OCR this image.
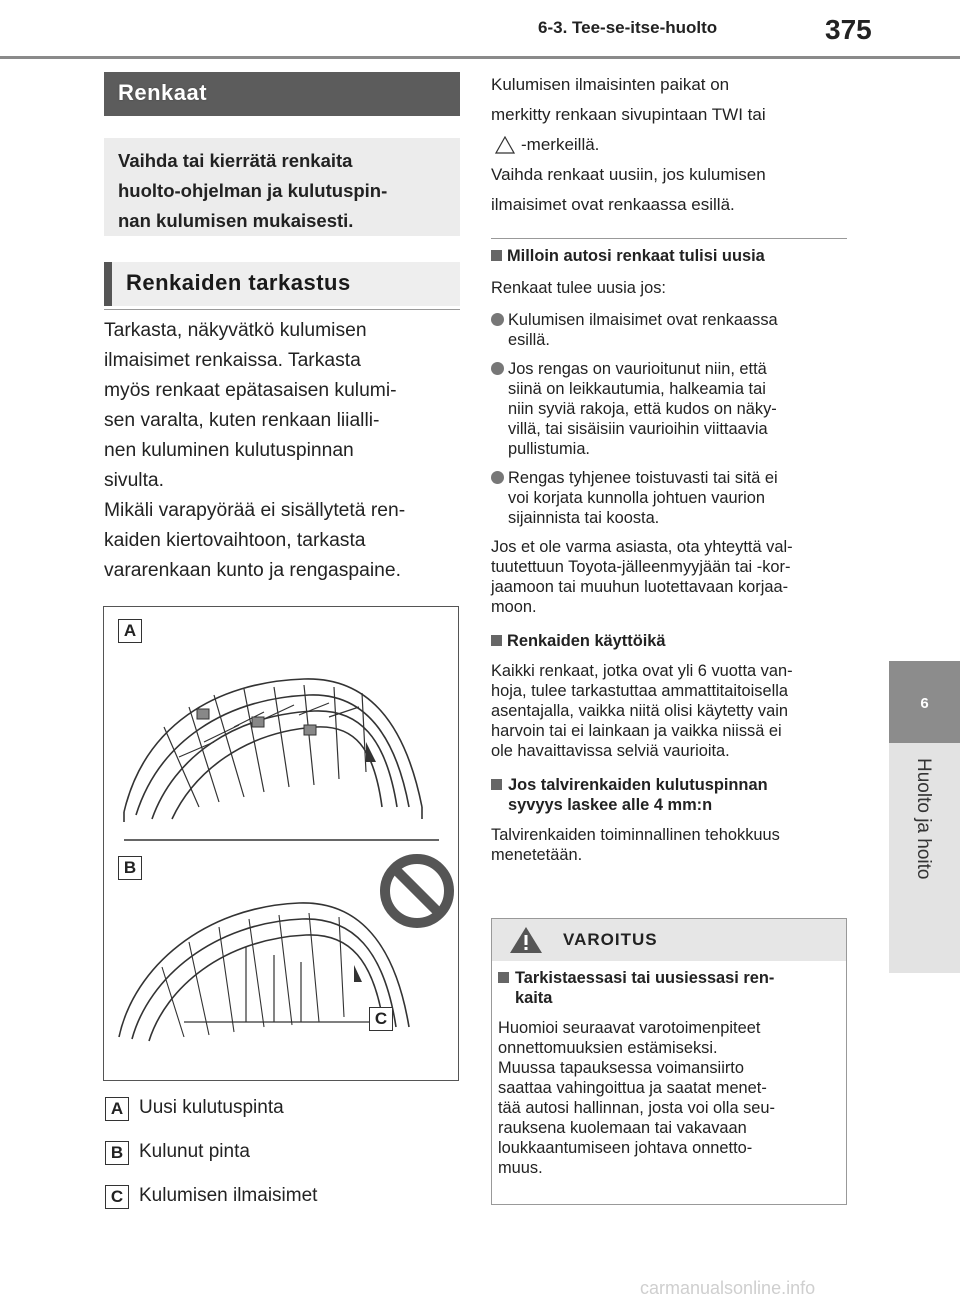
6-3. Tee-se-itse-huolto	375
6
Huolto ja hoito
Renkaat

Vaihda tai kierrätä renkaita

huolto-ohjelman ja kulutuspin-

nan kulumisen mukaisesti.

Renkaiden tarkastus

Tarkasta, näkyvätkö kulumisen

ilmaisimet renkaissa. Tarkasta

myös renkaat epätasaisen kulumi-

sen varalta, kuten renkaan liialli-

nen kuluminen kulutuspinnan

sivulta.

Mikäli varapyörää ei sisällytetä ren-

kaiden kiertovaihtoon, tarkasta

vararenkaan kunto ja rengaspaine.

A
B
C
A Uusi kulutuspinta
B Kulunut pinta
C Kulumisen ilmaisimet

Kulumisen ilmaisinten paikat on

merkitty renkaan sivupintaan TWI tai

-merkeillä.

Vaihda renkaat uusiin, jos kulumisen

ilmaisimet ovat renkaassa esillä.

Milloin autosi renkaat tulisi uusia

Renkaat tulee uusia jos:

Kulumisen ilmaisimet ovat renkaassa

esillä.

Jos rengas on vaurioitunut niin, että

siinä on leikkautumia, halkeamia tai

niin syviä rakoja, että kudos on näky-

villä, tai sisäisiin vaurioihin viittaavia

pullistumia.

Rengas tyhjenee toistuvasti tai sitä ei

voi korjata kunnolla johtuen vaurion

sijainnista tai koosta.

Jos et ole varma asiasta, ota yhteyttä val-

tuutettuun Toyota-jälleenmyyjään tai -kor-

jaamoon tai muuhun luotettavaan korjaa-

moon.

Renkaiden käyttöikä

Kaikki renkaat, jotka ovat yli 6 vuotta van-

hoja, tulee tarkastuttaa ammattitaitoisella

asentajalla, vaikka niitä olisi käytetty vain

harvoin tai ei lainkaan ja vaikka niissä ei

ole havaittavissa selviä vaurioita.

Jos talvirenkaiden kulutuspinnan

syvyys laskee alle 4 mm:n

Talvirenkaiden toiminnallinen tehokkuus

menetetään.

VAROITUS

Tarkistaessasi tai uusiessasi ren-

kaita

Huomioi seuraavat varotoimenpiteet

onnettomuuksien estämiseksi.

Muussa tapauksessa voimansiirto

saattaa vahingoittua ja saatat menet-

tää autosi hallinnan, josta voi olla seu-

rauksena kuolemaan tai vakavaan

loukkaantumiseen johtava onnetto-

muus.

carmanualsonline.info
